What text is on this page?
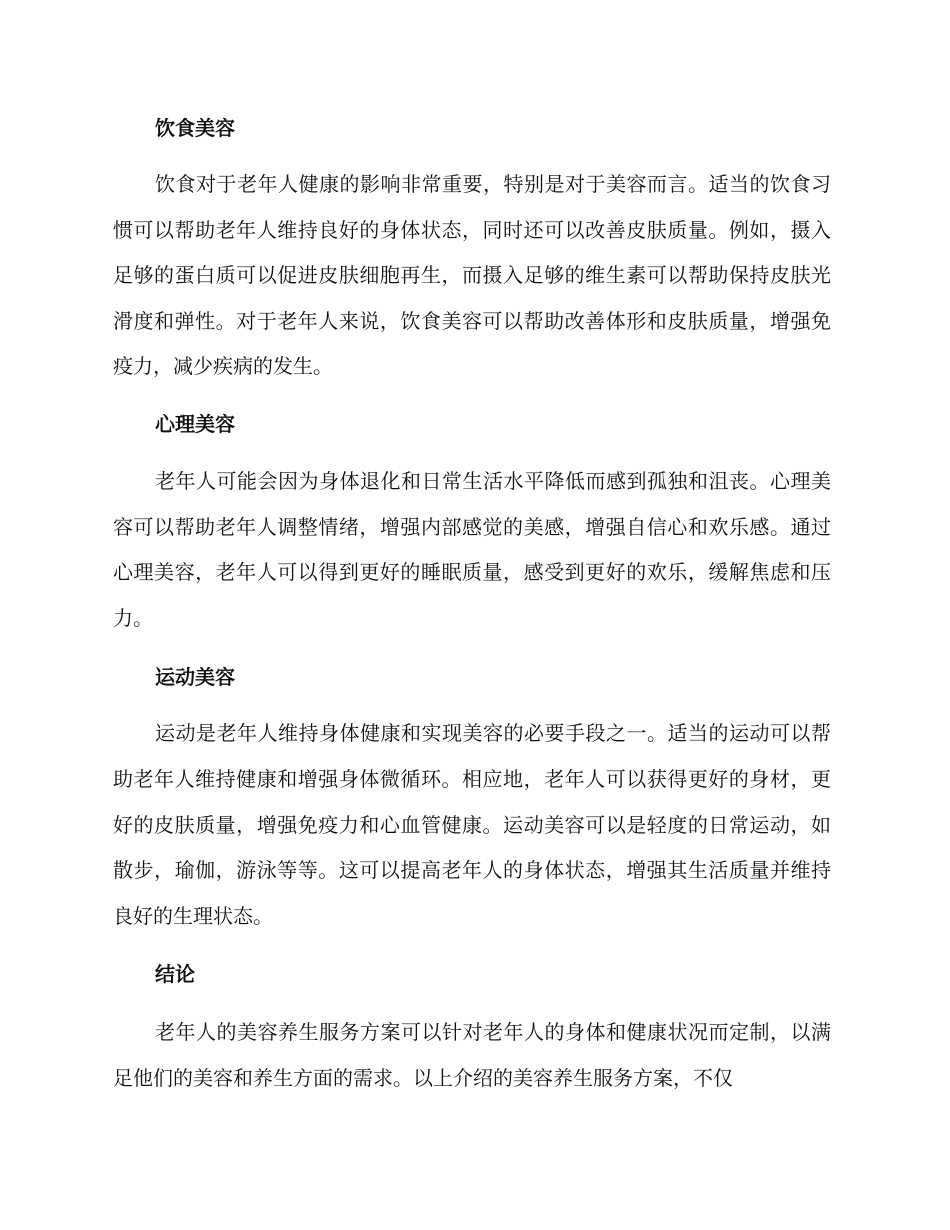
饮食美容

饮食对于老年人健康的影响非常重要，特别是对于美容而言。适当的饮食习惯可以帮助老年人维持良好的身体状态，同时还可以改善皮肤质量。例如，摄入足够的蛋白质可以促进皮肤细胞再生，而摄入足够的维生素可以帮助保持皮肤光滑度和弹性。对于老年人来说，饮食美容可以帮助改善体形和皮肤质量，增强免疫力，减少疾病的发生。

心理美容

老年人可能会因为身体退化和日常生活水平降低而感到孤独和沮丧。心理美容可以帮助老年人调整情绪，增强内部感觉的美感，增强自信心和欢乐感。通过心理美容，老年人可以得到更好的睡眠质量，感受到更好的欢乐，缓解焦虑和压力。

运动美容

运动是老年人维持身体健康和实现美容的必要手段之一。适当的运动可以帮助老年人维持健康和增强身体微循环。相应地，老年人可以获得更好的身材，更好的皮肤质量，增强免疫力和心血管健康。运动美容可以是轻度的日常运动，如散步，瑜伽，游泳等等。这可以提高老年人的身体状态，增强其生活质量并维持良好的生理状态。

结论

老年人的美容养生服务方案可以针对老年人的身体和健康状况而定制，以满足他们的美容和养生方面的需求。以上介绍的美容养生服务方案，不仅
